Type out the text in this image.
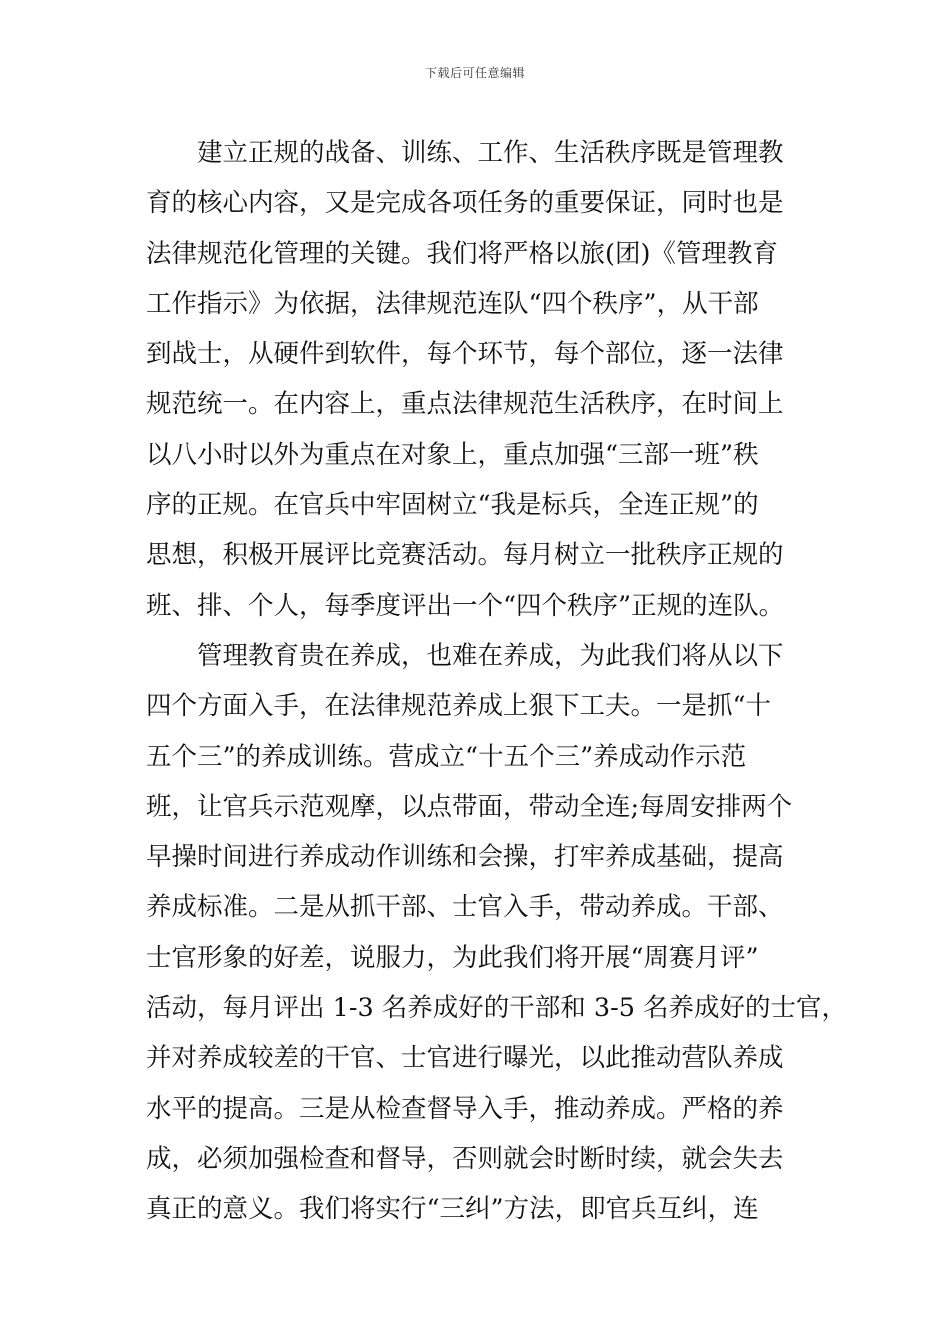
下载后可任意编辑
　　建立正规的战备、训练、工作、生活秩序既是管理教
育的核心内容，又是完成各项任务的重要保证，同时也是
法律规范化管理的关键。我们将严格以旅(团)《管理教育
工作指示》为依据，法律规范连队“四个秩序”，从干部
到战士，从硬件到软件，每个环节，每个部位，逐一法律
规范统一。在内容上，重点法律规范生活秩序，在时间上
以八小时以外为重点在对象上，重点加强“三部一班”秩
序的正规。在官兵中牢固树立“我是标兵，全连正规”的
思想，积极开展评比竞赛活动。每月树立一批秩序正规的
班、排、个人，每季度评出一个“四个秩序”正规的连队。
　　管理教育贵在养成，也难在养成，为此我们将从以下
四个方面入手，在法律规范养成上狠下工夫。一是抓“十
五个三”的养成训练。营成立“十五个三”养成动作示范
班，让官兵示范观摩，以点带面，带动全连;每周安排两个
早操时间进行养成动作训练和会操，打牢养成基础，提高
养成标准。二是从抓干部、士官入手，带动养成。干部、
士官形象的好差，说服力，为此我们将开展“周赛月评”
活动，每月评出 1-3 名养成好的干部和 3-5 名养成好的士官，
并对养成较差的干官、士官进行曝光，以此推动营队养成
水平的提高。三是从检查督导入手，推动养成。严格的养
成，必须加强检查和督导，否则就会时断时续，就会失去
真正的意义。我们将实行“三纠”方法，即官兵互纠，连
